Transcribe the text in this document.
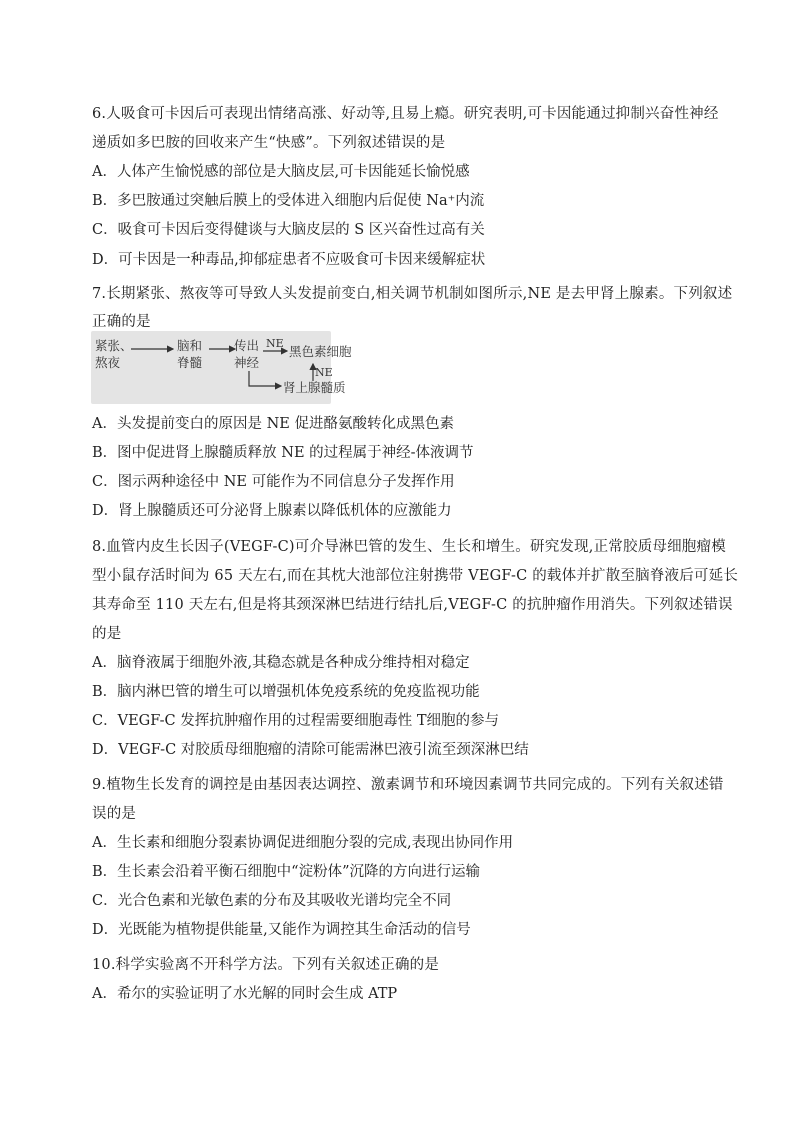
6.人吸食可卡因后可表现出情绪高涨、好动等,且易上瘾。研究表明,可卡因能通过抑制兴奋性神经
递质如多巴胺的回收来产生“快感”。下列叙述错误的是
A．人体产生愉悦感的部位是大脑皮层,可卡因能延长愉悦感
B．多巴胺通过突触后膜上的受体进入细胞内后促使 Na⁺内流
C．吸食可卡因后变得健谈与大脑皮层的 S 区兴奋性过高有关
D．可卡因是一种毒品,抑郁症患者不应吸食可卡因来缓解症状
7.长期紧张、熬夜等可导致人头发提前变白,相关调节机制如图所示,NE 是去甲肾上腺素。下列叙述
正确的是
紧张、
熬夜
脑和
脊髓
传出
神经
NE
黑色素细胞
NE
肾上腺髓质
A．头发提前变白的原因是 NE 促进酪氨酸转化成黑色素
B．图中促进肾上腺髓质释放 NE 的过程属于神经-体液调节
C．图示两种途径中 NE 可能作为不同信息分子发挥作用
D．肾上腺髓质还可分泌肾上腺素以降低机体的应激能力
8.血管内皮生长因子(VEGF-C)可介导淋巴管的发生、生长和增生。研究发现,正常胶质母细胞瘤模
型小鼠存活时间为 65 天左右,而在其枕大池部位注射携带 VEGF-C 的载体并扩散至脑脊液后可延长
其寿命至 110 天左右,但是将其颈深淋巴结进行结扎后,VEGF-C 的抗肿瘤作用消失。下列叙述错误
的是
A．脑脊液属于细胞外液,其稳态就是各种成分维持相对稳定
B．脑内淋巴管的增生可以增强机体免疫系统的免疫监视功能
C．VEGF-C 发挥抗肿瘤作用的过程需要细胞毒性 T细胞的参与
D．VEGF-C 对胶质母细胞瘤的清除可能需淋巴液引流至颈深淋巴结
9.植物生长发育的调控是由基因表达调控、激素调节和环境因素调节共同完成的。下列有关叙述错
误的是
A．生长素和细胞分裂素协调促进细胞分裂的完成,表现出协同作用
B．生长素会沿着平衡石细胞中“淀粉体”沉降的方向进行运输
C．光合色素和光敏色素的分布及其吸收光谱均完全不同
D．光既能为植物提供能量,又能作为调控其生命活动的信号
10.科学实验离不开科学方法。下列有关叙述正确的是
A．希尔的实验证明了水光解的同时会生成 ATP
